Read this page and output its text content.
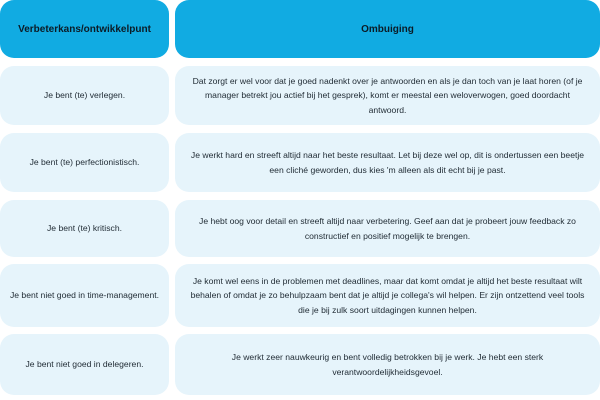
Verbeterkans/ontwikkelpunt	Ombuiging
Je bent (te) verlegen.
Dat zorgt er wel voor dat je goed nadenkt over je antwoorden en als je dan toch van je laat horen (of je manager betrekt jou actief bij het gesprek), komt er meestal een weloverwogen, goed doordacht antwoord.
Je bent (te) perfectionistisch.
Je werkt hard en streeft altijd naar het beste resultaat. Let bij deze wel op, dit is ondertussen een beetje een cliché geworden, dus kies 'm alleen als dit echt bij je past.
Je bent (te) kritisch.
Je hebt oog voor detail en streeft altijd naar verbetering. Geef aan dat je probeert jouw feedback zo constructief en positief mogelijk te brengen.
Je bent niet goed in time-management.
Je komt wel eens in de problemen met deadlines, maar dat komt omdat je altijd het beste resultaat wilt behalen of omdat je zo behulpzaam bent dat je altijd je collega's wil helpen. Er zijn ontzettend veel tools die je bij zulk soort uitdagingen kunnen helpen.
Je bent niet goed in delegeren.
Je werkt zeer nauwkeurig en bent volledig betrokken bij je werk. Je hebt een sterk verantwoordelijkheidsgevoel.
